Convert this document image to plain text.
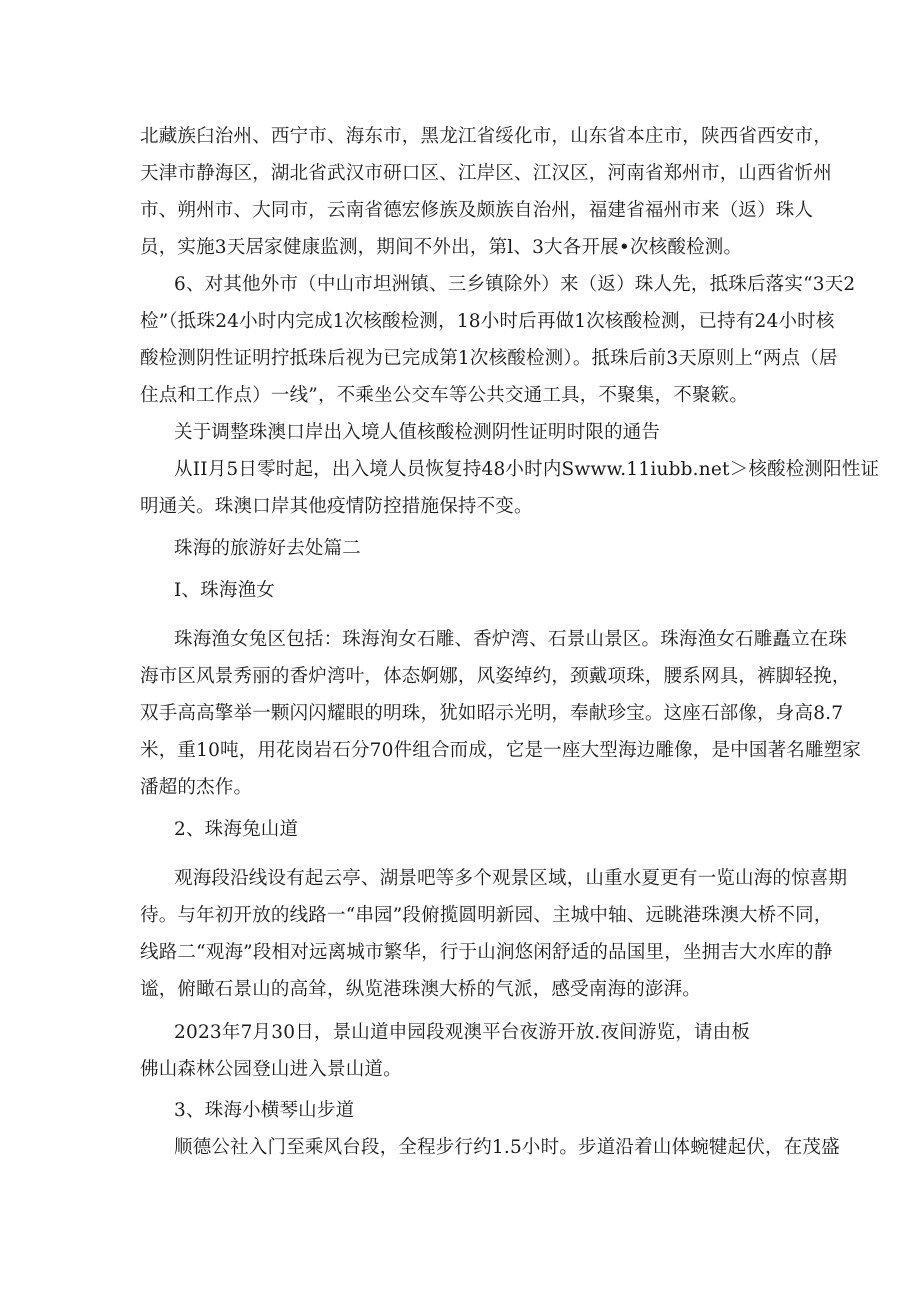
北藏族臼治州、西宁市、海东市，黑龙江省绥化市，山东省本庄市，陕西省西安市，
天津市静海区，湖北省武汉市研口区、江岸区、江汉区，河南省郑州市，山西省忻州
市、朔州市、大同市，云南省德宏修族及颇族自治州，福建省福州市来（返）珠人
员，实施3天居家健康监测，期间不外出，第l、3大各开展•次核酸检测。
6、对其他外市（中山市坦洲镇、三乡镇除外）来（返）珠人先，抵珠后落实“3天2
检”（抵珠24小时内完成1次核酸检测，18小时后再做1次核酸检测，已持有24小时核
酸检测阴性证明拧抵珠后视为已完成第1次核酸检测）。抵珠后前3天原则上“两点（居
住点和工作点）一线”，不乘坐公交车等公共交通工具，不聚集，不聚簌。
关于调整珠澳口岸出入境人值核酸检测阴性证明时限的通告
从II月5日零时起，出入境人员恢复持48小时内Swww.11iubb.net＞核酸检测阳性证
明通关。珠澳口岸其他疫情防控措施保持不变。
珠海的旅游好去处篇二
I、珠海渔女
珠海渔女兔区包括：珠海洵女石雕、香炉湾、石景山景区。珠海渔女石雕矗立在珠
海市区风景秀丽的香炉湾叶，体态婀娜，风姿绰约，颈戴项珠，腰系网具，裤脚轻挽，
双手高高擎举一颗闪闪耀眼的明珠，犹如昭示光明，奉献珍宝。这座石部像，身高8.7
米，重10吨，用花岗岩石分70件组合而成，它是一座大型海边雕像，是中国著名雕塑家
潘超的杰作。
2、珠海兔山道
观海段沿线设有起云亭、湖景吧等多个观景区域，山重水夏更有一览山海的惊喜期
待。与年初开放的线路一“串园”段俯揽圆明新园、主城中轴、远眺港珠澳大桥不同，
线路二“观海”段相对远离城市繁华，行于山涧悠闲舒适的品国里，坐拥吉大水库的静
谧，俯瞰石景山的高耸，纵览港珠澳大桥的气派，感受南海的澎湃。
2023年7月30日，景山道申园段观澳平台夜游开放.夜间游览，请由板
佛山森林公园登山进入景山道。
3、珠海小横琴山步道
顺德公社入门至乘风台段，全程步行约1.5小时。步道沿着山体蜿犍起伏，在茂盛
